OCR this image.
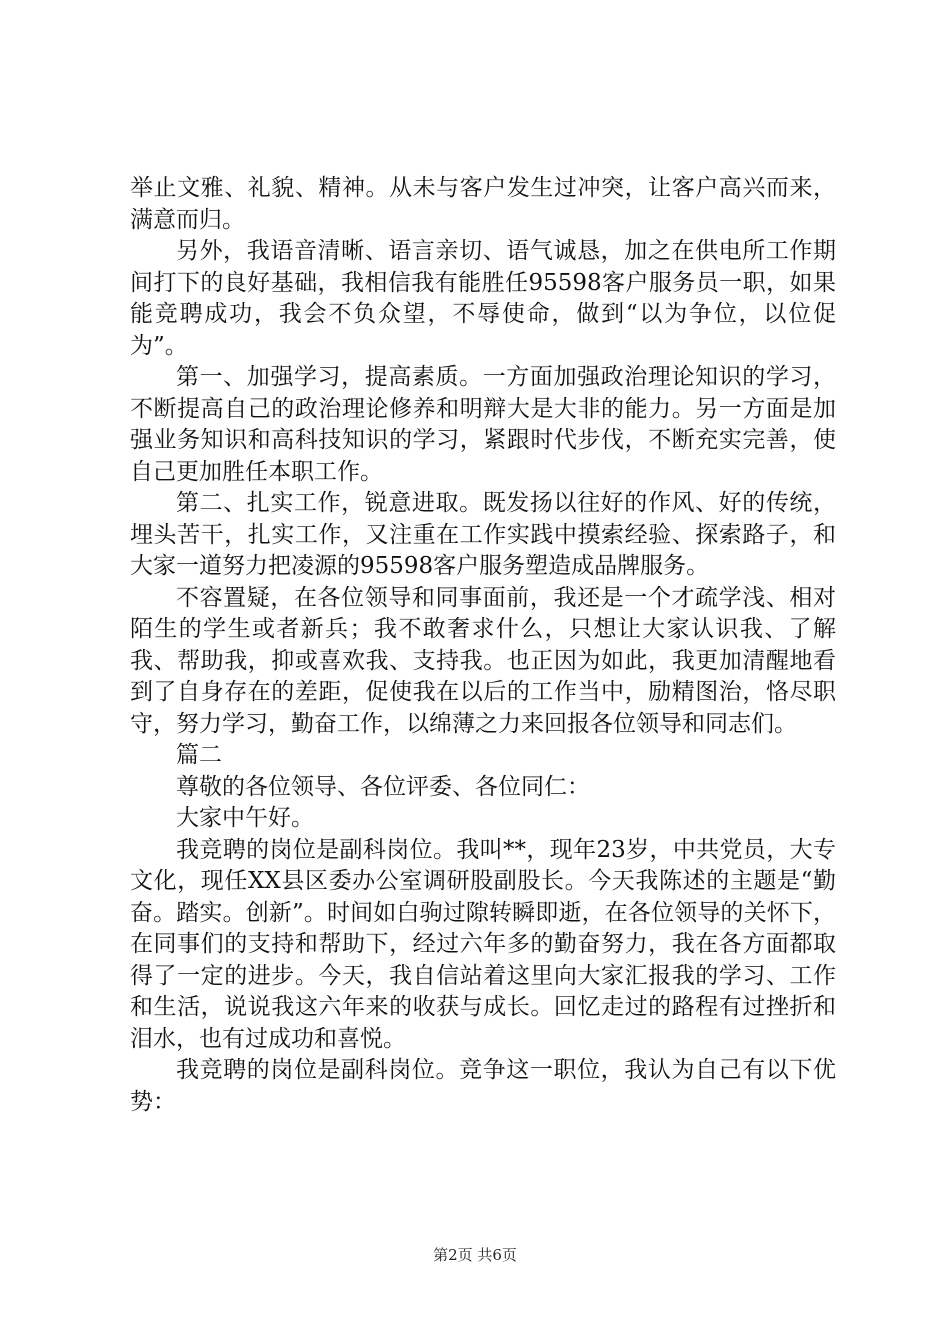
举止文雅、礼貌、精神。从未与客户发生过冲突，让客户高兴而来，满意而归。

另外，我语音清晰、语言亲切、语气诚恳，加之在供电所工作期间打下的良好基础，我相信我有能胜任95598客户服务员一职，如果能竞聘成功，我会不负众望，不辱使命，做到“以为争位，以位促为”。

第一、加强学习，提高素质。一方面加强政治理论知识的学习，不断提高自己的政治理论修养和明辩大是大非的能力。另一方面是加强业务知识和高科技知识的学习，紧跟时代步伐，不断充实完善，使自己更加胜任本职工作。

第二、扎实工作，锐意进取。既发扬以往好的作风、好的传统，埋头苦干，扎实工作，又注重在工作实践中摸索经验、探索路子，和大家一道努力把凌源的95598客户服务塑造成品牌服务。

不容置疑，在各位领导和同事面前，我还是一个才疏学浅、相对陌生的学生或者新兵；我不敢奢求什么，只想让大家认识我、了解我、帮助我，抑或喜欢我、支持我。也正因为如此，我更加清醒地看到了自身存在的差距，促使我在以后的工作当中，励精图治，恪尽职守，努力学习，勤奋工作，以绵薄之力来回报各位领导和同志们。

篇二

尊敬的各位领导、各位评委、各位同仁：

大家中午好。

我竞聘的岗位是副科岗位。我叫**，现年23岁，中共党员，大专文化，现任XX县区委办公室调研股副股长。今天我陈述的主题是“勤奋。踏实。创新”。时间如白驹过隙转瞬即逝，在各位领导的关怀下，在同事们的支持和帮助下，经过六年多的勤奋努力，我在各方面都取得了一定的进步。今天，我自信站着这里向大家汇报我的学习、工作和生活，说说我这六年来的收获与成长。回忆走过的路程有过挫折和泪水，也有过成功和喜悦。

我竞聘的岗位是副科岗位。竞争这一职位，我认为自己有以下优势：

第2页 共6页
